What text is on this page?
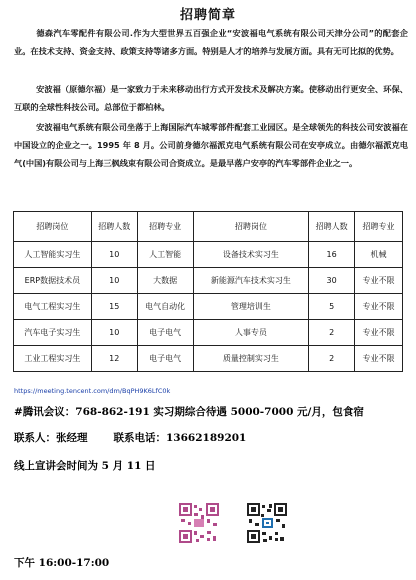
招聘简章
德森汽车零配件有限公司.作为大型世界五百强企业“安波福电气系统有限公司天津分公司”的配套企业。在技术支持、资金支持、政策支持等诸多方面。特别是人才的培养与发展方面。具有无可比拟的优势。
安波福（原德尔福）是一家致力于未来移动出行方式开发技术及解决方案。使移动出行更安全、环保、互联的全球性科技公司。总部位于都柏林。
安波福电气系统有限公司坐落于上海国际汽车城零部件配套工业园区。是全球领先的科技公司安波福在中国设立的企业之一。1995 年 8 月。公司前身德尔福派克电气系统有限公司在安亭成立。由德尔福派克电气(中国)有限公司与上海三枫线束有限公司合资成立。是最早落户安亭的汽车零部件企业之一。
招聘岗位	招聘人数	招聘专业	招聘岗位	招聘人数	招聘专业
人工智能实习生	10	人工智能	设备技术实习生	16	机械
ERP数据技术员	10	大数据	新能源汽车技术实习生	30	专业不限
电气工程实习生	15	电气自动化	管理培训生	5	专业不限
汽车电子实习生	10	电子电气	人事专员	2	专业不限
工业工程实习生	12	电子电气	质量控制实习生	2	专业不限
https://meeting.tencent.com/dm/BqPH9K6LfC0k
#腾讯会议：768-862-191 实习期综合待遇 5000-7000 元/月，包食宿
联系人：张经理 联系电话：13662189201
线上宣讲会时间为 5 月 11 日
下午 16:00-17:00
